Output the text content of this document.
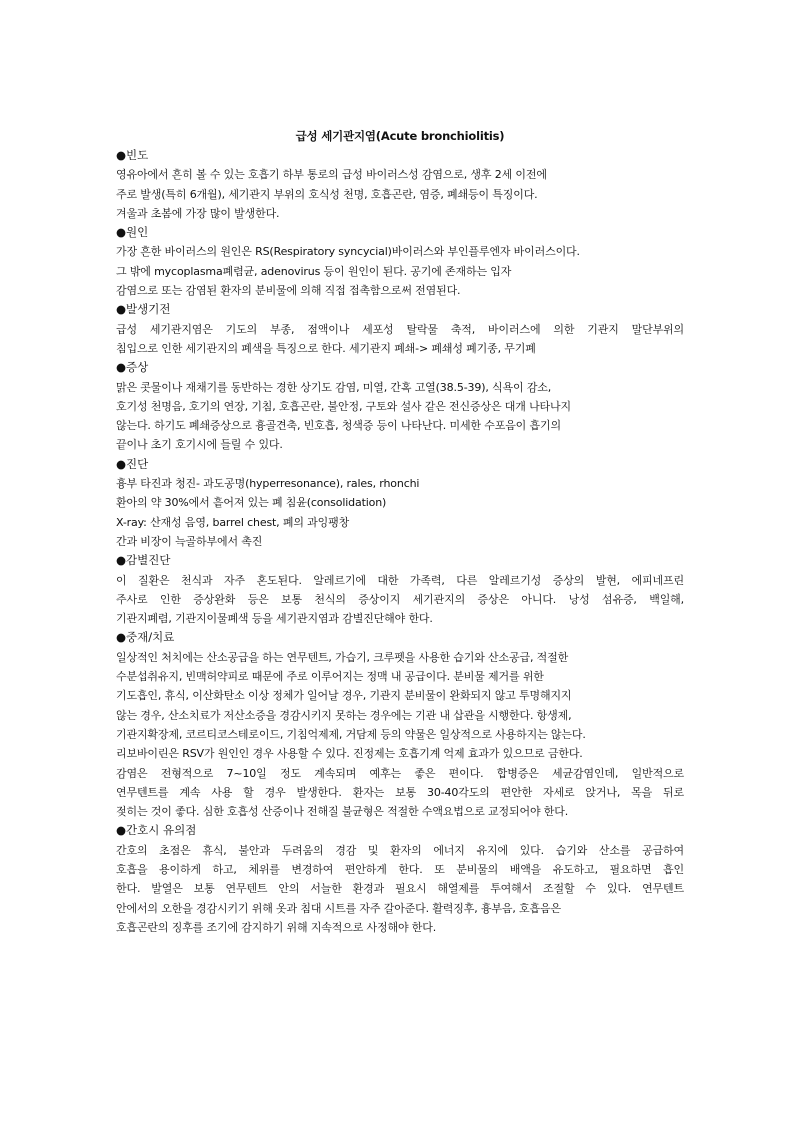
급성 세기관지염(Acute bronchiolitis)
●빈도
영유아에서 흔히 볼 수 있는 호흡기 하부 통로의 급성 바이러스성 감염으로, 생후 2세 이전에
주로 발생(특히 6개월), 세기관지 부위의 호식성 천명, 호흡곤란, 염증, 폐쇄등이 특징이다.
겨울과 초봄에 가장 많이 발생한다.
●원인
가장 흔한 바이러스의 원인은 RS(Respiratory syncycial)바이러스와 부인플루엔자 바이러스이다.
그 밖에 mycoplasma폐렴균, adenovirus 등이 원인이 된다. 공기에 존재하는 입자
감염으로 또는 감염된 환자의 분비물에 의해 직접 접촉함으로써 전염된다.
●발생기전
급성 세기관지염은 기도의 부종, 점액이나 세포성 탈락물 축적, 바이러스에 의한 기관지 말단부위의
침입으로 인한 세기관지의 폐색을 특징으로 한다. 세기관지 폐쇄-> 폐쇄성 폐기종, 무기폐
●증상
맑은 콧물이나 재채기를 동반하는 경한 상기도 감염, 미열, 간혹 고열(38.5-39), 식욕이 감소,
호기성 천명음, 호기의 연장, 기침, 호흡곤란, 불안정, 구토와 설사 같은 전신증상은 대개 나타나지
않는다. 하기도 폐쇄증상으로 흉골견축, 빈호흡, 청색증 등이 나타난다. 미세한 수포음이 흡기의
끝이나 초기 호기시에 들릴 수 있다.
●진단
흉부 타진과 청진- 과도공명(hyperresonance), rales, rhonchi
환아의 약 30%에서 흩어져 있는 폐 침윤(consolidation)
X-ray: 산재성 음영, barrel chest, 폐의 과잉팽창
간과 비장이 늑골하부에서 촉진
●감별진단
이 질환은 천식과 자주 혼도된다. 알레르기에 대한 가족력, 다른 알레르기성 증상의 발현, 에피네프린
주사로 인한 증상완화 등은 보통 천식의 증상이지 세기관지의 증상은 아니다. 낭성 섬유증, 백일해,
기관지폐렴, 기관지이물폐색 등을 세기관지염과 감별진단해야 한다.
●중재/치료
일상적인 처치에는 산소공급을 하는 연무텐트, 가습기, 크루펫을 사용한 습기와 산소공급, 적절한
수분섭취유지, 빈맥허약피로 때문에 주로 이루어지는 정맥 내 공급이다. 분비물 제거를 위한
기도흡인, 휴식, 이산화탄소 이상 정체가 일어날 경우, 기관지 분비물이 완화되지 않고 투명해지지
않는 경우, 산소치료가 저산소증을 경감시키지 못하는 경우에는 기관 내 삽관을 시행한다. 항생제,
기관지확장제, 코르티코스테로이드, 기침억제제, 거담제 등의 약물은 일상적으로 사용하지는 않는다.
리보바이린은 RSV가 원인인 경우 사용할 수 있다. 진정제는 호흡기계 억제 효과가 있으므로 금한다.
감염은 전형적으로 7~10일 정도 계속되며 예후는 좋은 편이다. 합병증은 세균감염인데, 일반적으로
연무텐트를 계속 사용 할 경우 발생한다. 환자는 보통 30-40각도의 편안한 자세로 앉거나, 목을 뒤로
젖히는 것이 좋다. 심한 호흡성 산증이나 전해질 불균형은 적절한 수액요법으로 교정되어야 한다.
●간호시 유의점
간호의 초점은 휴식, 불안과 두려움의 경감 및 환자의 에너지 유지에 있다. 습기와 산소를 공급하여
호흡을 용이하게 하고, 체위를 변경하여 편안하게 한다. 또 분비물의 배액을 유도하고, 필요하면 흡인
한다. 발열은 보통 연무텐트 안의 서늘한 환경과 필요시 해열제를 투여해서 조절할 수 있다. 연무텐트
안에서의 오한을 경감시키기 위해 옷과 침대 시트를 자주 갈아준다. 활력징후, 흉부음, 호흡음은
호흡곤란의 징후를 조기에 감지하기 위해 지속적으로 사정해야 한다.
